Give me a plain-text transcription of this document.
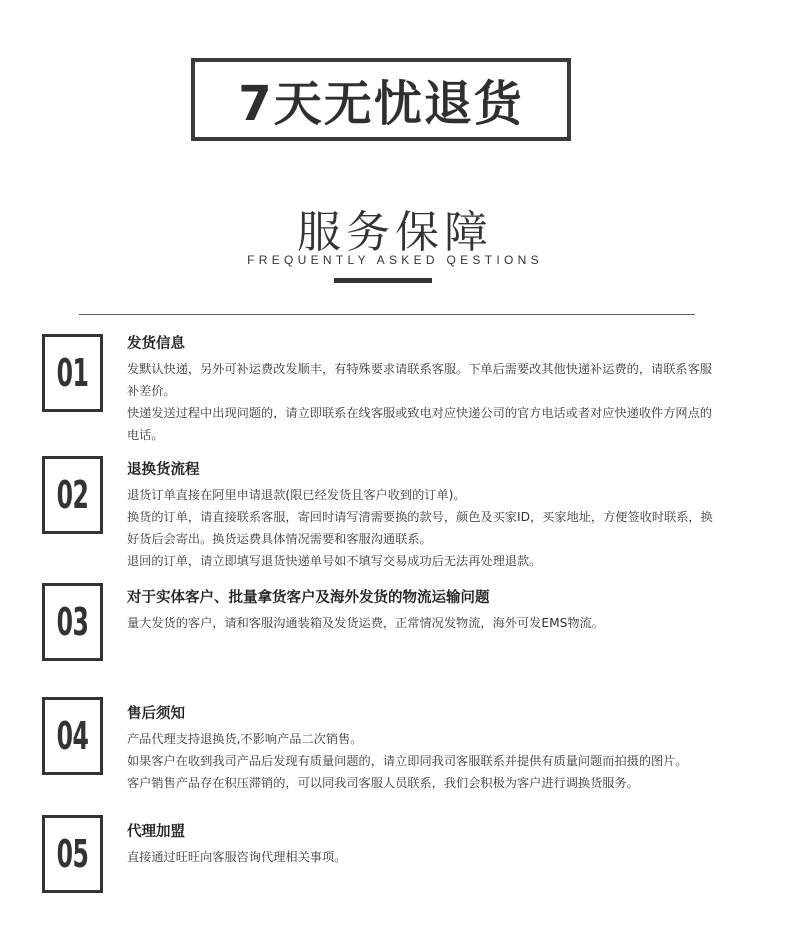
7天无忧退货
服务保障
FREQUENTLY ASKED QESTIONS
01

发货信息

发默认快递，另外可补运费改发顺丰，有特殊要求请联系客服。下单后需要改其他快递补运费的，请联系客服补差价。

快递发送过程中出现问题的，请立即联系在线客服或致电对应快递公司的官方电话或者对应快递收件方网点的电话。

02

退换货流程

退货订单直接在阿里申请退款(限已经发货且客户收到的订单)。

换货的订单，请直接联系客服，寄回时请写清需要换的款号，颜色及买家ID，买家地址，方便签收时联系，换好货后会寄出。换货运费具体情况需要和客服沟通联系。

退回的订单，请立即填写退货快递单号如不填写交易成功后无法再处理退款。

03

对于实体客户、批量拿货客户及海外发货的物流运输问题

量大发货的客户，请和客服沟通装箱及发货运费，正常情况发物流，海外可发EMS物流。

04	售后须知

产品代理支持退换货,不影响产品二次销售。

如果客户在收到我司产品后发现有质量问题的，请立即同我司客服联系并提供有质量问题而拍摄的图片。

客户销售产品存在积压滞销的，可以同我司客服人员联系，我们会积极为客户进行调换货服务。

05	代理加盟

直接通过旺旺向客服咨询代理相关事项。
